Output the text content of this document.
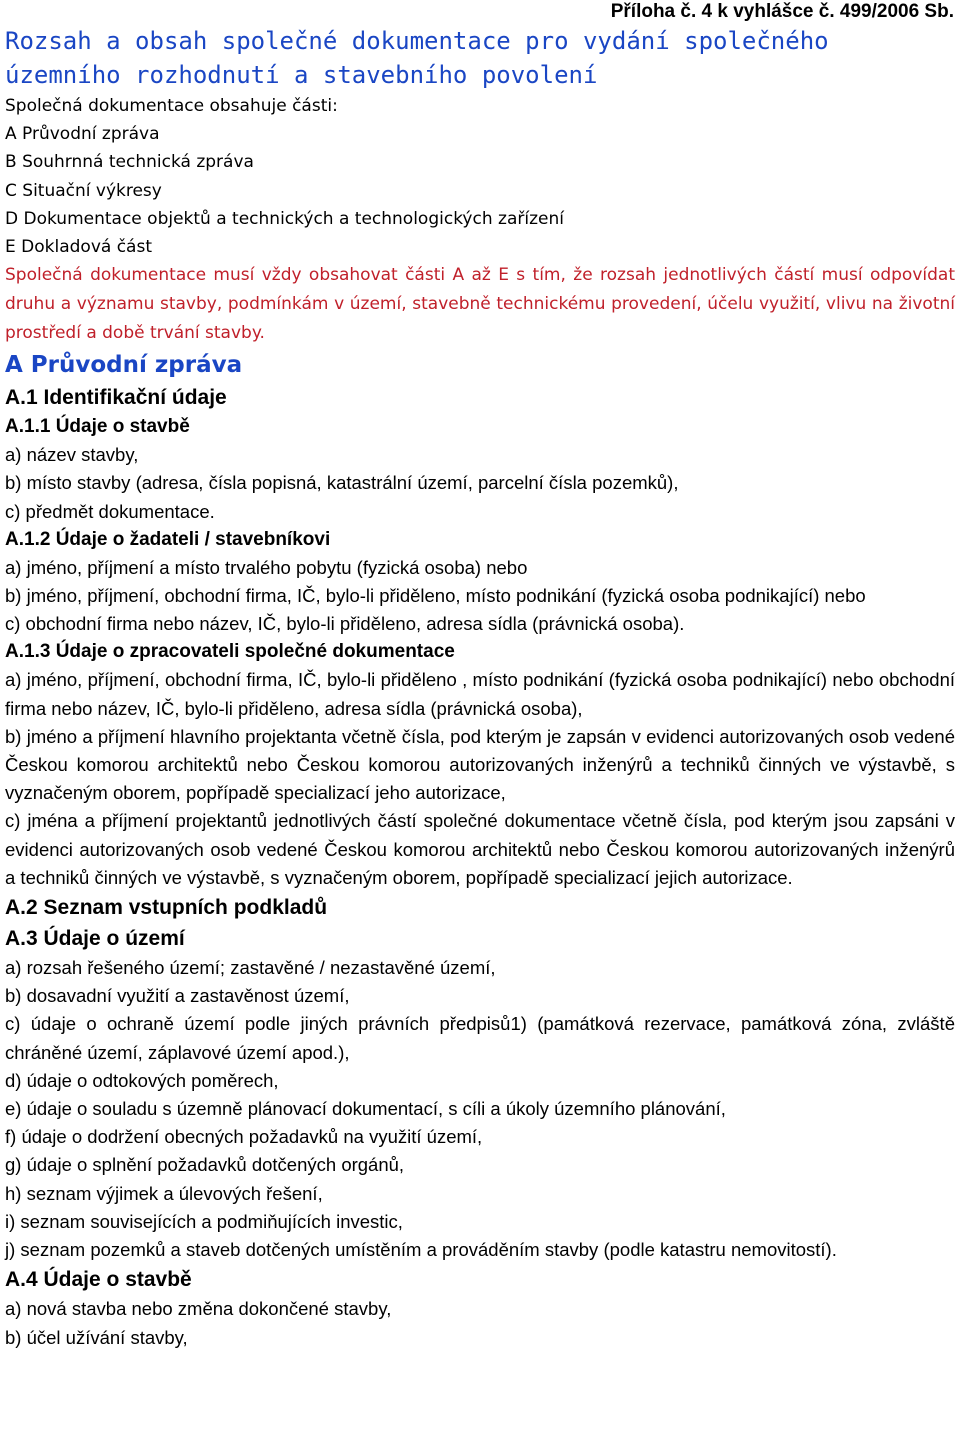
Příloha č. 4 k vyhlášce č. 499/2006 Sb.

Rozsah a obsah společné dokumentace pro vydání společného územního rozhodnutí a stavebního povolení

Společná dokumentace obsahuje části:

A Průvodní zpráva

B Souhrnná technická zpráva

C Situační výkresy

D Dokumentace objektů a technických a technologických zařízení

E Dokladová část

Společná dokumentace musí vždy obsahovat části A až E s tím, že rozsah jednotlivých částí musí odpovídat druhu a významu stavby, podmínkám v území, stavebně technickému provedení, účelu využití, vlivu na životní prostředí a době trvání stavby.

A Průvodní zpráva

A.1 Identifikační údaje

A.1.1 Údaje o stavbě

a) název stavby,

b) místo stavby (adresa, čísla popisná, katastrální území, parcelní čísla pozemků),

c) předmět dokumentace.

A.1.2 Údaje o žadateli / stavebníkovi

a) jméno, příjmení a místo trvalého pobytu (fyzická osoba) nebo

b) jméno, příjmení, obchodní firma, IČ, bylo-li přiděleno, místo podnikání (fyzická osoba podnikající) nebo

c) obchodní firma nebo název, IČ, bylo-li přiděleno, adresa sídla (právnická osoba).

A.1.3 Údaje o zpracovateli společné dokumentace

a) jméno, příjmení, obchodní firma, IČ, bylo-li přiděleno , místo podnikání (fyzická osoba podnikající) nebo obchodní firma nebo název, IČ, bylo-li přiděleno, adresa sídla (právnická osoba),

b) jméno a příjmení hlavního projektanta včetně čísla, pod kterým je zapsán v evidenci autorizovaných osob vedené Českou komorou architektů nebo Českou komorou autorizovaných inženýrů a techniků činných ve výstavbě, s vyznačeným oborem, popřípadě specializací jeho autorizace,

c) jména a příjmení projektantů jednotlivých částí společné dokumentace včetně čísla, pod kterým jsou zapsáni v evidenci autorizovaných osob vedené Českou komorou architektů nebo Českou komorou autorizovaných inženýrů a techniků činných ve výstavbě, s vyznačeným oborem, popřípadě specializací jejich autorizace.

A.2 Seznam vstupních podkladů

A.3 Údaje o území

a) rozsah řešeného území; zastavěné / nezastavěné území,

b) dosavadní využití a zastavěnost území,

c) údaje o ochraně území podle jiných právních předpisů1) (památková rezervace, památková zóna, zvláště chráněné území, záplavové území apod.),

d) údaje o odtokových poměrech,

e) údaje o souladu s územně plánovací dokumentací, s cíli a úkoly územního plánování,

f) údaje o dodržení obecných požadavků na využití území,

g) údaje o splnění požadavků dotčených orgánů,

h) seznam výjimek a úlevových řešení,

i) seznam souvisejících a podmiňujících investic,

j) seznam pozemků a staveb dotčených umístěním a prováděním stavby (podle katastru nemovitostí).

A.4 Údaje o stavbě

a) nová stavba nebo změna dokončené stavby,

b) účel užívání stavby,
